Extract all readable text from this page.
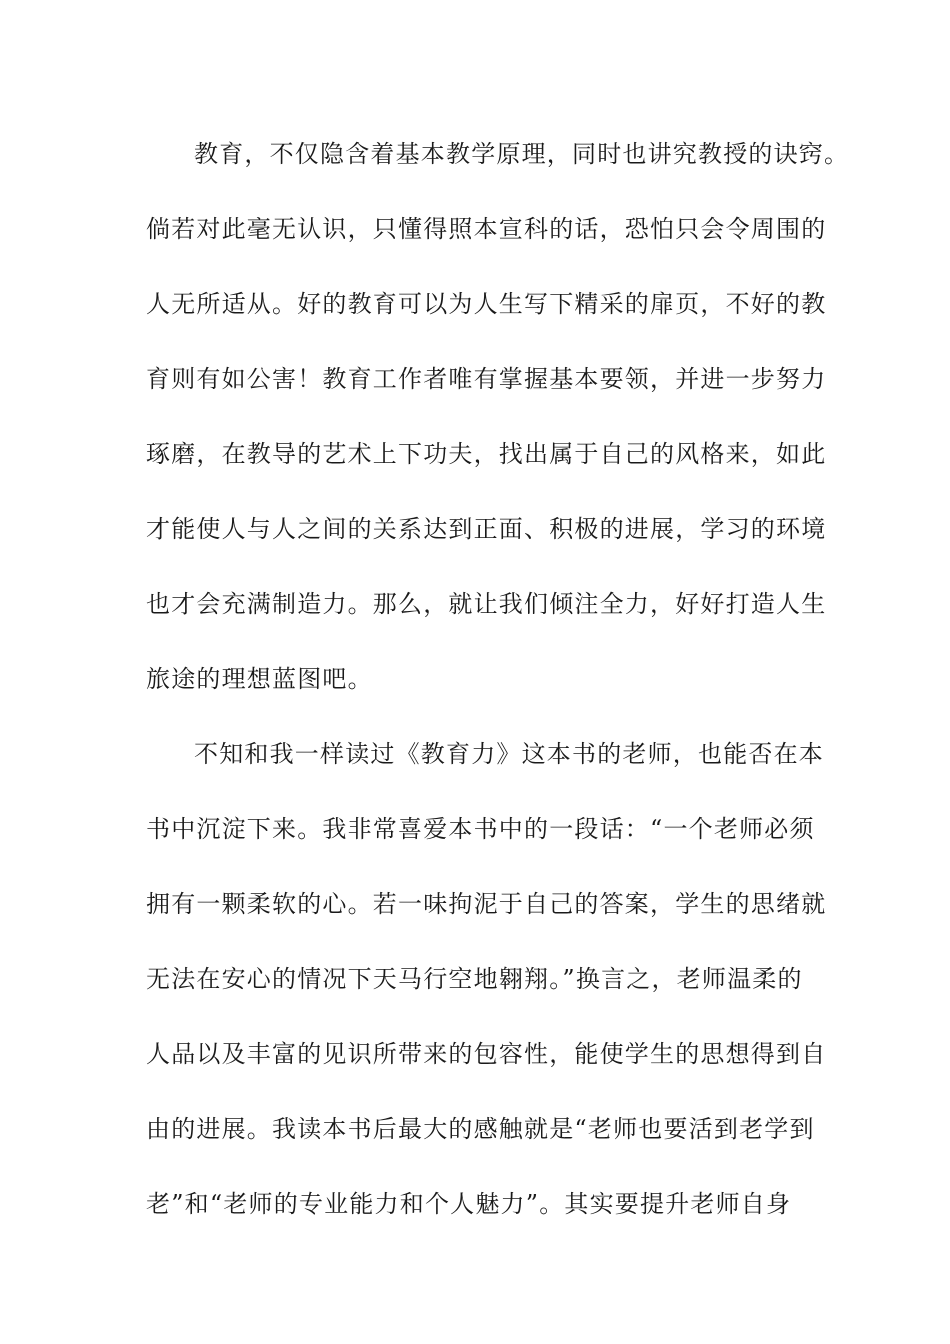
教育，不仅隐含着基本教学原理，同时也讲究教授的诀窍。
倘若对此毫无认识，只懂得照本宣科的话，恐怕只会令周围的
人无所适从。好的教育可以为人生写下精采的扉页，不好的教
育则有如公害！教育工作者唯有掌握基本要领，并进一步努力
琢磨，在教导的艺术上下功夫，找出属于自己的风格来，如此
才能使人与人之间的关系达到正面、积极的进展，学习的环境
也才会充满制造力。那么，就让我们倾注全力，好好打造人生
旅途的理想蓝图吧。
不知和我一样读过《教育力》这本书的老师，也能否在本
书中沉淀下来。我非常喜爱本书中的一段话：“一个老师必须
拥有一颗柔软的心。若一味拘泥于自己的答案，学生的思绪就
无法在安心的情况下天马行空地翱翔。”换言之，老师温柔的
人品以及丰富的见识所带来的包容性，能使学生的思想得到自
由的进展。我读本书后最大的感触就是“老师也要活到老学到
老”和“老师的专业能力和个人魅力”。其实要提升老师自身
